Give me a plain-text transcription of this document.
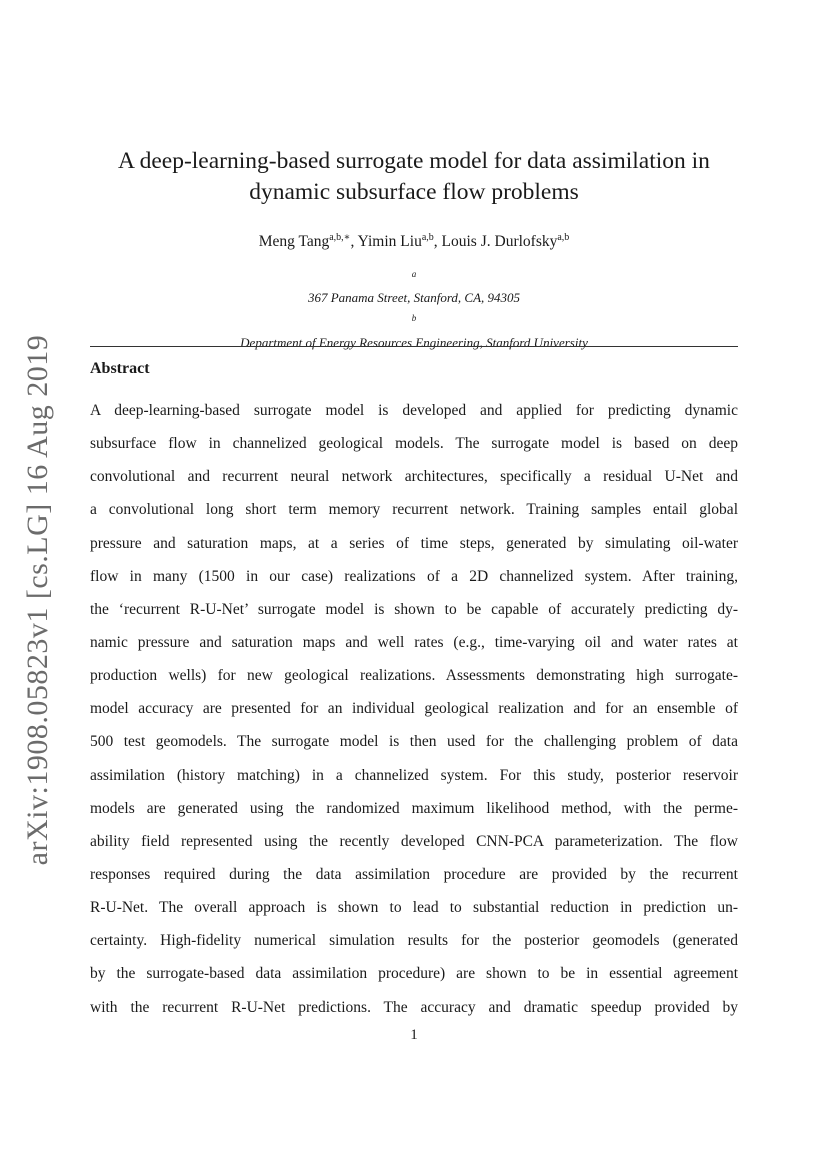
arXiv:1908.05823v1 [cs.LG] 16 Aug 2019
A deep-learning-based surrogate model for data assimilation in
dynamic subsurface flow problems
Meng Tang$^{a,b,∗}$, Yimin Liu$^{a,b}$, Louis J. Durlofsky$^{a,b}$
$^a$
367 Panama Street, Stanford, CA, 94305
$^b$
Department of Energy Resources Engineering, Stanford University
Abstract
A deep-learning-based surrogate model is developed and applied for predicting dynamic
subsurface flow in channelized geological models. The surrogate model is based on deep
convolutional and recurrent neural network architectures, specifically a residual U-Net and
a convolutional long short term memory recurrent network. Training samples entail global
pressure and saturation maps, at a series of time steps, generated by simulating oil-water
flow in many (1500 in our case) realizations of a 2D channelized system. After training,
the ‘recurrent R-U-Net’ surrogate model is shown to be capable of accurately predicting dy-
namic pressure and saturation maps and well rates (e.g., time-varying oil and water rates at
production wells) for new geological realizations. Assessments demonstrating high surrogate-
model accuracy are presented for an individual geological realization and for an ensemble of
500 test geomodels. The surrogate model is then used for the challenging problem of data
assimilation (history matching) in a channelized system. For this study, posterior reservoir
models are generated using the randomized maximum likelihood method, with the perme-
ability field represented using the recently developed CNN-PCA parameterization. The flow
responses required during the data assimilation procedure are provided by the recurrent
R-U-Net. The overall approach is shown to lead to substantial reduction in prediction un-
certainty. High-fidelity numerical simulation results for the posterior geomodels (generated
by the surrogate-based data assimilation procedure) are shown to be in essential agreement
with the recurrent R-U-Net predictions. The accuracy and dramatic speedup provided by
1
